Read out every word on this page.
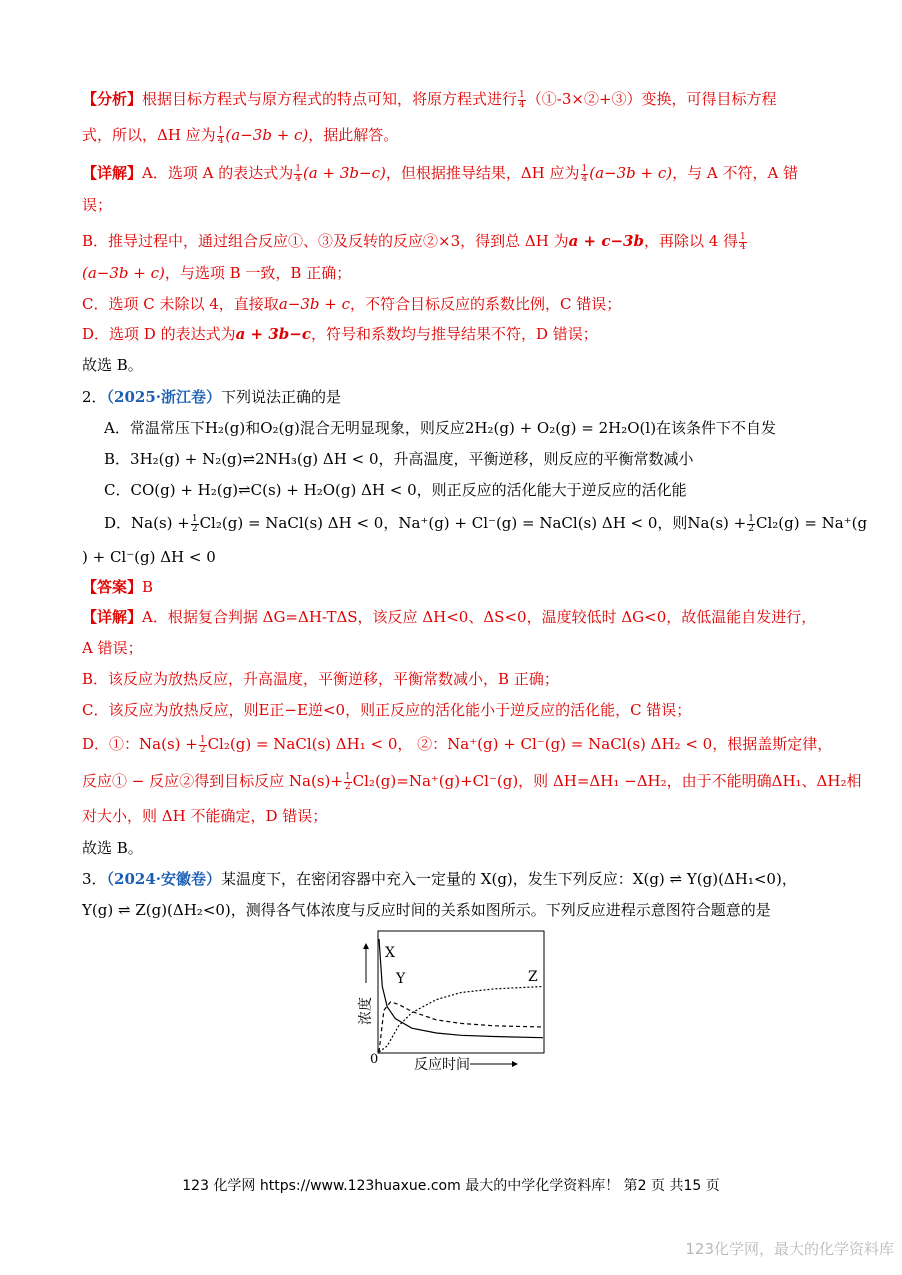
【分析】根据目标方程式与原方程式的特点可知，将原方程式进行 $\frac{1}{4}$ （①-3×②+③）变换，可得目标方程
式，所以，ΔH 应为 $\frac{1}{4} (a-3b + c)$，据此解答。
【详解】A．选项 A 的表达式为 $\frac{1}{4} (a + 3b-c)$，但根据推导结果，ΔH 应为 $\frac{1}{4} (a-3b + c)$，与 A 不符，A 错
误；
B．推导过程中，通过组合反应①、③及反转的反应②×3，得到总 ΔH 为a + c−3b，再除以 4 得 $\frac{1}{4}$
(a−3b + c)，与选项 B 一致，B 正确；
C．选项 C 未除以 4，直接取a−3b + c，不符合目标反应的系数比例，C 错误；
D．选项 D 的表达式为a + 3b−c，符号和系数均与推导结果不符，D 错误；
故选 B。
2．（2025·浙江卷）下列说法正确的是
A．常温常压下H₂(g)和O₂(g)混合无明显现象，则反应2H₂(g) + O₂(g) = 2H₂O(l)在该条件下不自发
B．3H₂(g) + N₂(g)⇌2NH₃(g) ΔH < 0，升高温度，平衡逆移，则反应的平衡常数减小
C．CO(g) + H₂(g)⇌C(s) + H₂O(g) ΔH < 0，则正反应的活化能大于逆反应的活化能
D．$Na(s) + \frac{1}{2} Cl_2(g)$ = NaCl(s) ΔH < 0，Na⁺(g) + Cl⁻(g) = NaCl(s) ΔH < 0，则$Na(s) + \frac{1}{2} Cl_2(g) = Na^+(g$
) + Cl⁻(g) ΔH < 0
【答案】B
【详解】A．根据复合判据 ΔG=ΔH-TΔS，该反应 ΔH<0、ΔS<0，温度较低时 ΔG<0，故低温能自发进行，
A 错误；
B．该反应为放热反应，升高温度，平衡逆移，平衡常数减小，B 正确；
C．该反应为放热反应，则E正−E逆<0，则正反应的活化能小于逆反应的活化能，C 错误；
D．①：$Na(s) + \frac{1}{2} Cl_2(g)$ = NaCl(s) ΔH₁ < 0， ②：Na⁺(g) + Cl⁻(g) = NaCl(s) ΔH₂ < 0，根据盖斯定律，
反应① − 反应②得到目标反应 $Na(s)+ \frac{1}{2} Cl_2(g)=Na^+(g)+Cl^-(g)$，则 ΔH=ΔH₁ −ΔH₂，由于不能明确ΔH₁、ΔH₂相
对大小，则 ΔH 不能确定，D 错误；
故选 B。
3．（2024·安徽卷）某温度下，在密闭容器中充入一定量的 X(g)，发生下列反应：X(g) ⇌ Y(g)(ΔH₁<0)，
Y(g) ⇌ Z(g)(ΔH₂<0)，测得各气体浓度与反应时间的关系如图所示。下列反应进程示意图符合题意的是
X
Y	Z
0	反应时间
浓度
123 化学网 https://www.123huaxue.com 最大的中学化学资料库！ 第2 页 共15 页
123化学网，最大的化学资料库
